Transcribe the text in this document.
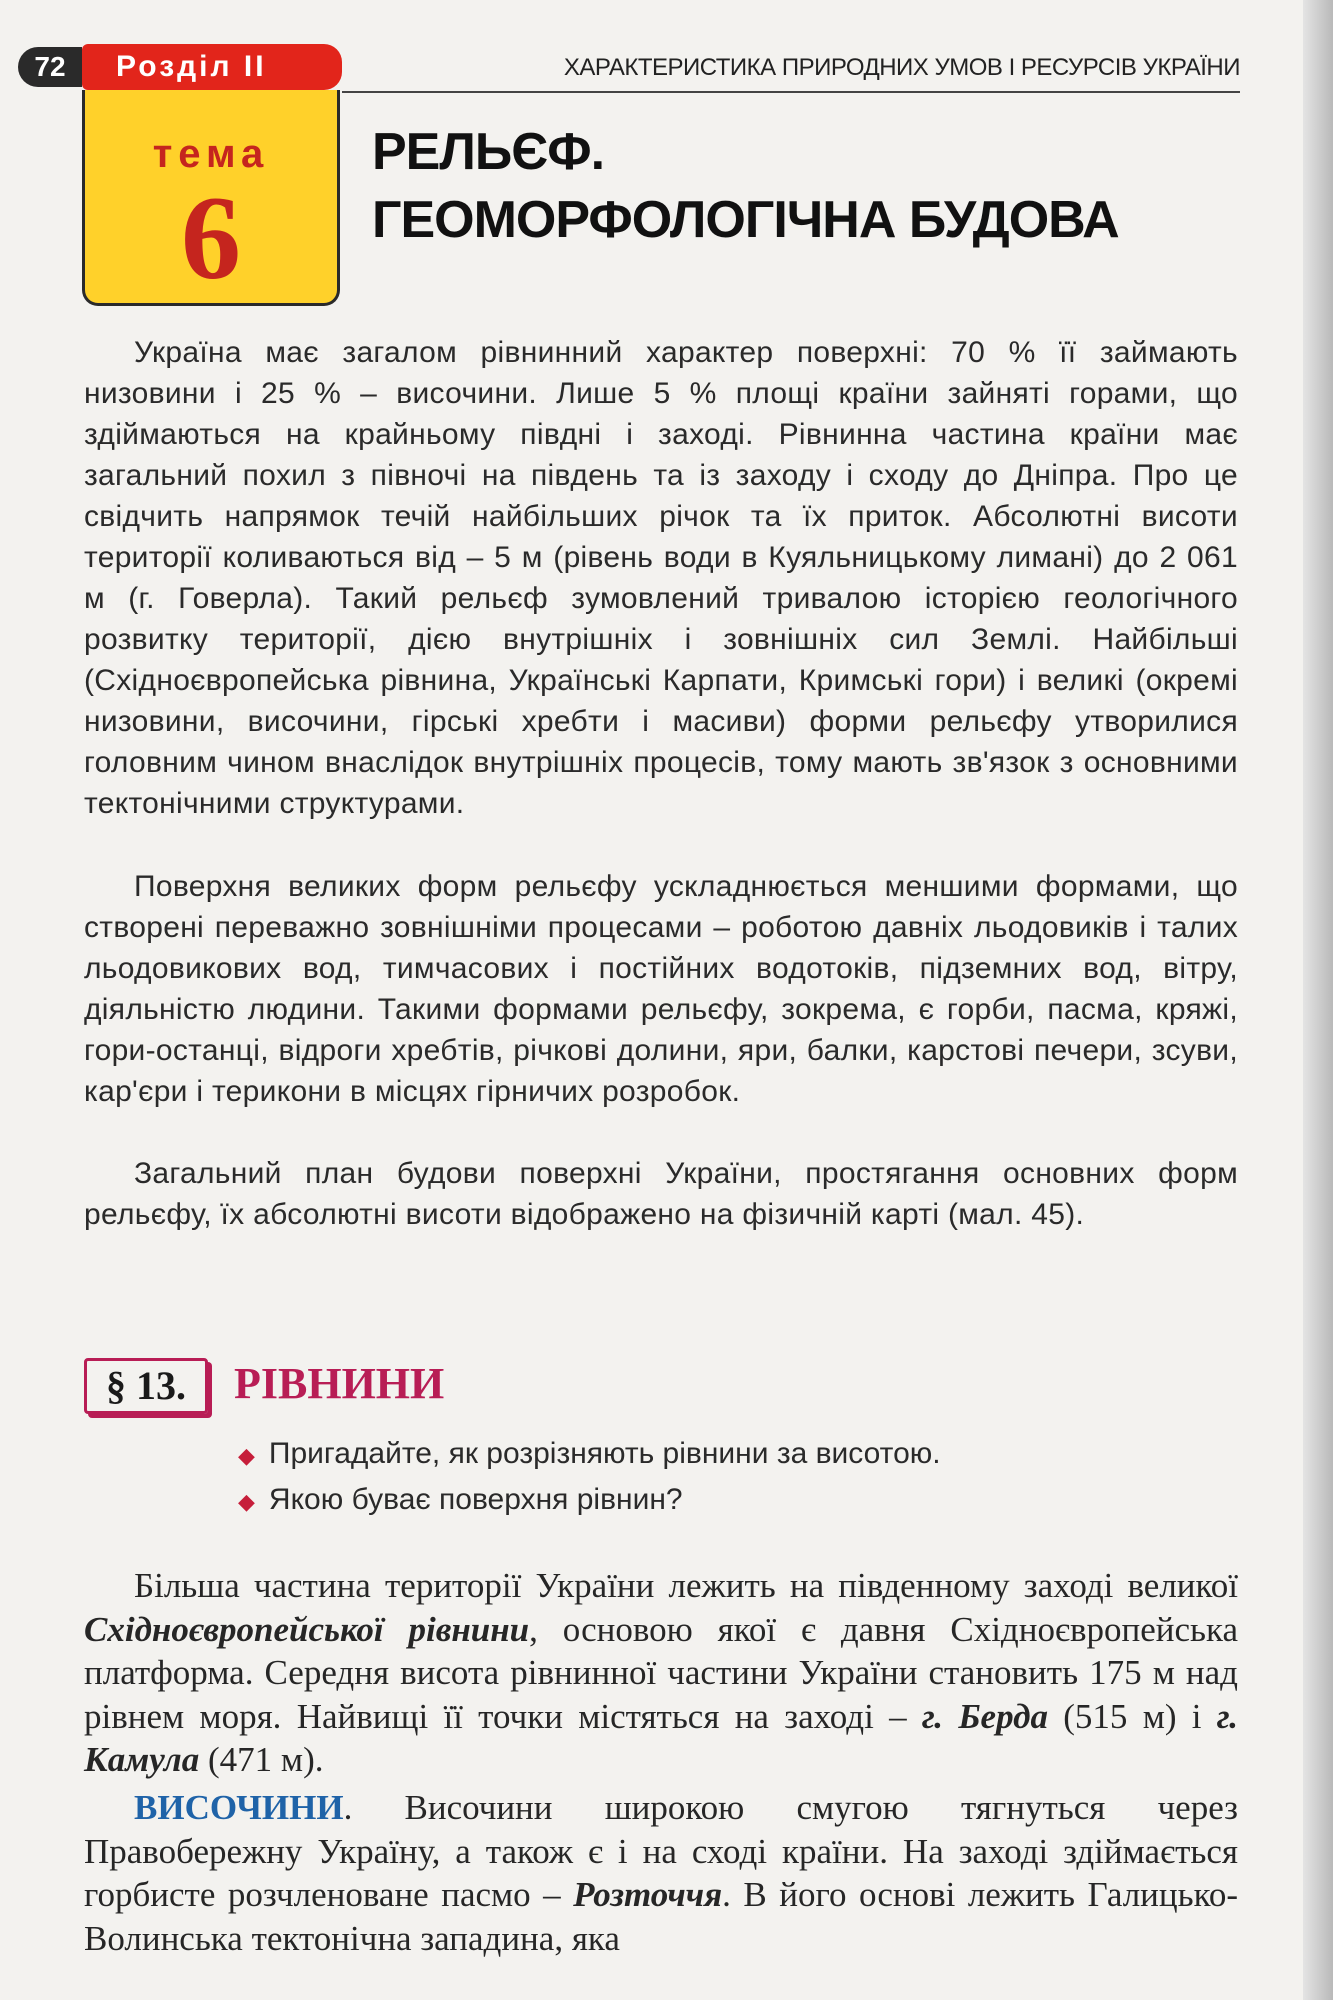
72	Розділ II	ХАРАКТЕРИСТИКА ПРИРОДНИХ УМОВ І РЕСУРСІВ УКРАЇНИ
тема
6
РЕЛЬЄФ.
ГЕОМОРФОЛОГІЧНА БУДОВА
Україна має загалом рівнинний характер поверхні: 70 % її займають низовини і 25 % – височини. Лише 5 % площі країни зайняті горами, що здіймаються на крайньому півдні і заході. Рівнинна частина країни має загальний похил з півночі на південь та із заходу і сходу до Дніпра. Про це свідчить напрямок течій найбільших річок та їх приток. Абсолютні висоти території коливаються від – 5 м (рівень води в Куяльницькому лимані) до 2 061 м (г. Говерла). Такий рельєф зумовлений тривалою історією геологічного розвитку території, дією внутрішніх і зовнішніх сил Землі. Найбільші (Східноєвропейська рівнина, Українські Карпати, Кримські гори) і великі (окремі низовини, височини, гірські хребти і масиви) форми рельєфу утворилися головним чином внаслідок внутрішніх процесів, тому мають зв'язок з основними тектонічними структурами.
Поверхня великих форм рельєфу ускладнюється меншими формами, що створені переважно зовнішніми процесами – роботою давніх льодовиків і талих льодовикових вод, тимчасових і постійних водотоків, підземних вод, вітру, діяльністю людини. Такими формами рельєфу, зокрема, є горби, пасма, кряжі, гори-останці, відроги хребтів, річкові долини, яри, балки, карстові печери, зсуви, кар'єри і терикони в місцях гірничих розробок.
Загальний план будови поверхні України, простягання основних форм рельєфу, їх абсолютні висоти відображено на фізичній карті (мал. 45).
§ 13.	РІВНИНИ
◆ Пригадайте, як розрізняють рівнини за висотою.
◆ Якою буває поверхня рівнин?
Більша частина території України лежить на південному заході великої Східноєвропейської рівнини, основою якої є давня Східноєвропейська платформа. Середня висота рівнинної частини України становить 175 м над рівнем моря. Найвищі її точки містяться на заході – г. Берда (515 м) і г. Камула (471 м).
ВИСОЧИНИ. Височини широкою смугою тягнуться через Правобережну Україну, а також є і на сході країни. На заході здіймається горбисте розчленоване пасмо – Розточчя. В його основі лежить Галицько-Волинська тектонічна западина, яка
